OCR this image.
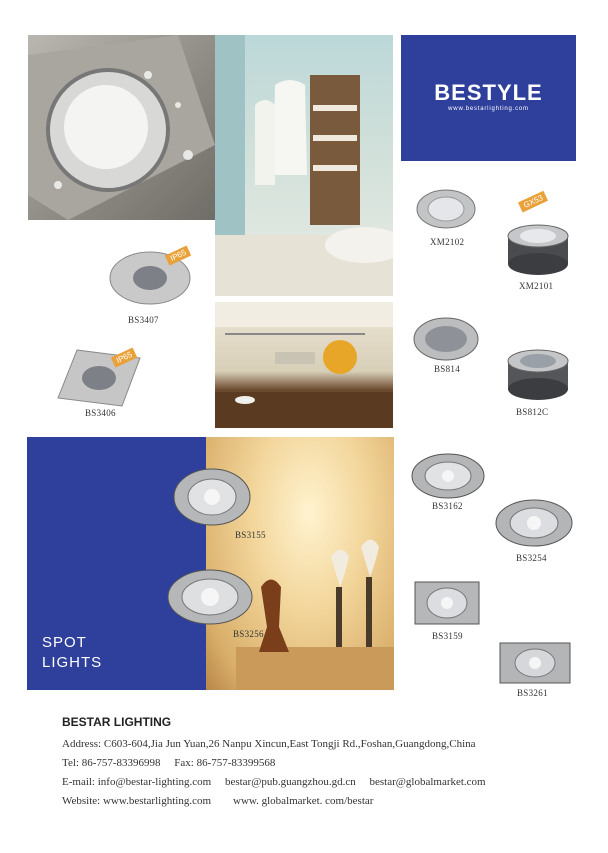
BESTYLE
www.bestarlighting.com
IP65
BS3407
IP65
BS3406
XM2102
GX53
XM2101
BS814
BS812C
SPOT
LIGHTS
BS3155
BS3256
BS3162
BS3254
BS3159
BS3261
BESTAR LIGHTING
Address: C603-604,Jia Jun Yuan,26 Nanpu Xincun,East Tongji Rd.,Foshan,Guangdong,China
Tel: 86-757-83396998     Fax: 86-757-83399568
E-mail: info@bestar-lighting.com     bestar@pub.guangzhou.gd.cn     bestar@globalmarket.com
Website: www.bestarlighting.com        www. globalmarket. com/bestar
